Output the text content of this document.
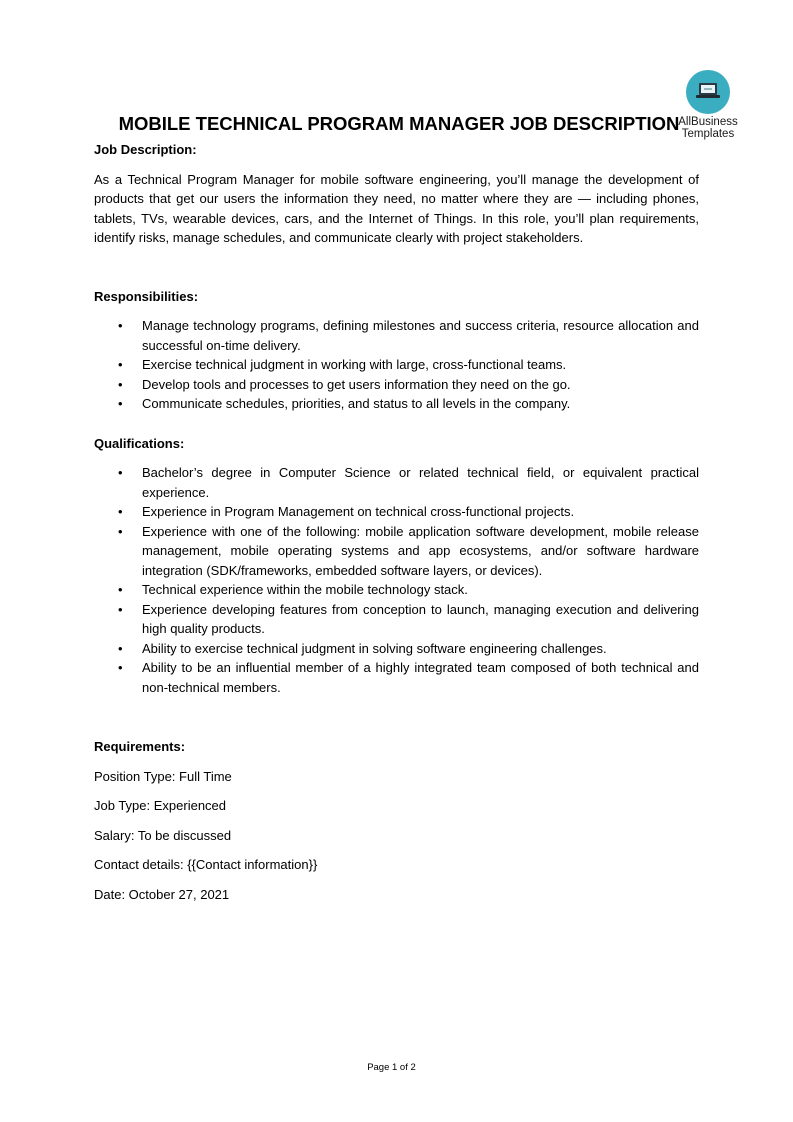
AllBusiness
Templates
MOBILE TECHNICAL PROGRAM MANAGER JOB DESCRIPTION
Job Description:

As a Technical Program Manager for mobile software engineering, you’ll manage the development of products that get our users the information they need, no matter where they are — including phones, tablets, TVs, wearable devices, cars, and the Internet of Things. In this role, you’ll plan requirements, identify risks, manage schedules, and communicate clearly with project stakeholders.

Responsibilities:
• Manage technology programs, defining milestones and success criteria, resource allocation and successful on-time delivery.
• Exercise technical judgment in working with large, cross-functional teams.
• Develop tools and processes to get users information they need on the go.
• Communicate schedules, priorities, and status to all levels in the company.
Qualifications:
• Bachelor’s degree in Computer Science or related technical field, or equivalent practical experience.
• Experience in Program Management on technical cross-functional projects.
• Experience with one of the following: mobile application software development, mobile release management, mobile operating systems and app ecosystems, and/or software hardware integration (SDK/frameworks, embedded software layers, or devices).
• Technical experience within the mobile technology stack.
• Experience developing features from conception to launch, managing execution and delivering high quality products.
• Ability to exercise technical judgment in solving software engineering challenges.
• Ability to be an influential member of a highly integrated team composed of both technical and non-technical members.
Requirements:
Position Type: Full Time
Job Type: Experienced
Salary: To be discussed
Contact details: {{Contact information}}
Date: October 27, 2021
Page 1 of 2
